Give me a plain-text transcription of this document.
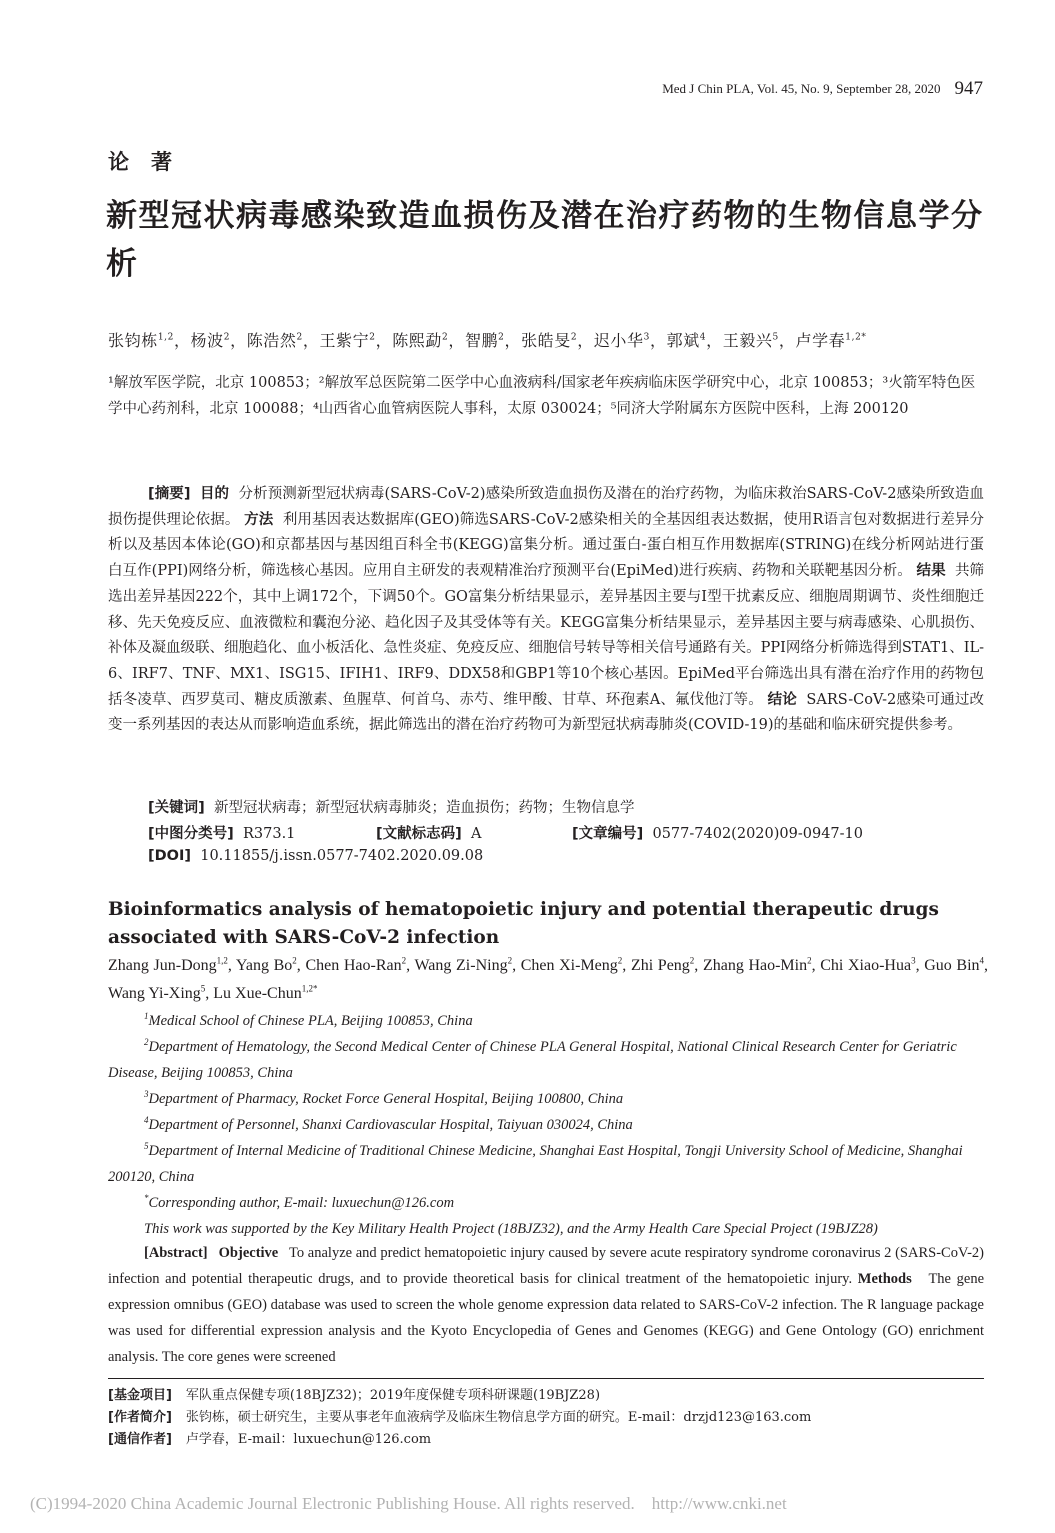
Med J Chin PLA, Vol. 45, No. 9, September 28, 2020 947
论著
新型冠状病毒感染致造血损伤及潜在治疗药物的生物信息学分析
张钧栋$^{1,2}$，杨波$^2$，陈浩然$^2$，王紫宁$^2$，陈熙勐$^2$，智鹏$^2$，张皓旻$^2$，迟小华$^3$，郭斌$^4$，王毅兴$^5$，卢学春$^{1,2*}$
¹解放军医学院，北京 100853；²解放军总医院第二医学中心血液病科/国家老年疾病临床医学研究中心，北京 100853；³火箭军特色医学中心药剂科，北京 100088；⁴山西省心血管病医院人事科，太原 030024；⁵同济大学附属东方医院中医科，上海 200120
[摘要] 目的 分析预测新型冠状病毒(SARS-CoV-2)感染所致造血损伤及潜在的治疗药物，为临床救治SARS-CoV-2感染所致造血损伤提供理论依据。 方法 利用基因表达数据库(GEO)筛选SARS-CoV-2感染相关的全基因组表达数据，使用R语言包对数据进行差异分析以及基因本体论(GO)和京都基因与基因组百科全书(KEGG)富集分析。通过蛋白-蛋白相互作用数据库(STRING)在线分析网站进行蛋白互作(PPI)网络分析，筛选核心基因。应用自主研发的表观精准治疗预测平台(EpiMed)进行疾病、药物和关联靶基因分析。 结果 共筛选出差异基因222个，其中上调172个，下调50个。GO富集分析结果显示，差异基因主要与Ⅰ型干扰素反应、细胞周期调节、炎性细胞迁移、先天免疫反应、血液微粒和囊泡分泌、趋化因子及其受体等有关。KEGG富集分析结果显示，差异基因主要与病毒感染、心肌损伤、补体及凝血级联、细胞趋化、血小板活化、急性炎症、免疫反应、细胞信号转导等相关信号通路有关。PPI网络分析筛选得到STAT1、IL-6、IRF7、TNF、MX1、ISG15、IFIH1、IRF9、DDX58和GBP1等10个核心基因。EpiMed平台筛选出具有潜在治疗作用的药物包括冬凌草、西罗莫司、糖皮质激素、鱼腥草、何首乌、赤芍、维甲酸、甘草、环孢素A、氟伐他汀等。 结论 SARS-CoV-2感染可通过改变一系列基因的表达从而影响造血系统，据此筛选出的潜在治疗药物可为新型冠状病毒肺炎(COVID-19)的基础和临床研究提供参考。
[关键词] 新型冠状病毒；新型冠状病毒肺炎；造血损伤；药物；生物信息学
[中图分类号] R373.1	[文献标志码] A	[文章编号] 0577-7402(2020)09-0947-10
[DOI] 10.11855/j.issn.0577-7402.2020.09.08
Bioinformatics analysis of hematopoietic injury and potential therapeutic drugs associated with SARS-CoV-2 infection
Zhang Jun-Dong$^{1,2}$, Yang Bo$^2$, Chen Hao-Ran$^2$, Wang Zi-Ning$^2$, Chen Xi-Meng$^2$, Zhi Peng$^2$, Zhang Hao-Min$^2$, Chi Xiao-Hua$^3$, Guo Bin$^4$, Wang Yi-Xing$^5$, Lu Xue-Chun$^{1,2*}$
$^1$Medical School of Chinese PLA, Beijing 100853, China
$^2$Department of Hematology, the Second Medical Center of Chinese PLA General Hospital, National Clinical Research Center for Geriatric Disease, Beijing 100853, China
$^3$Department of Pharmacy, Rocket Force General Hospital, Beijing 100800, China
$^4$Department of Personnel, Shanxi Cardiovascular Hospital, Taiyuan 030024, China
$^5$Department of Internal Medicine of Traditional Chinese Medicine, Shanghai East Hospital, Tongji University School of Medicine, Shanghai 200120, China
*Corresponding author, E-mail: luxuechun@126.com
This work was supported by the Key Military Health Project (18BJZ32), and the Army Health Care Special Project (19BJZ28)
[Abstract] Objective To analyze and predict hematopoietic injury caused by severe acute respiratory syndrome coronavirus 2 (SARS-CoV-2) infection and potential therapeutic drugs, and to provide theoretical basis for clinical treatment of the hematopoietic injury. Methods The gene expression omnibus (GEO) database was used to screen the whole genome expression data related to SARS-CoV-2 infection. The R language package was used for differential expression analysis and the Kyoto Encyclopedia of Genes and Genomes (KEGG) and Gene Ontology (GO) enrichment analysis. The core genes were screened
[基金项目] 军队重点保健专项(18BJZ32)；2019年度保健专项科研课题(19BJZ28)
[作者简介] 张钧栋，硕士研究生，主要从事老年血液病学及临床生物信息学方面的研究。E-mail：drzjd123@163.com
[通信作者] 卢学春，E-mail：luxuechun@126.com
(C)1994-2020 China Academic Journal Electronic Publishing House. All rights reserved.    http://www.cnki.net
